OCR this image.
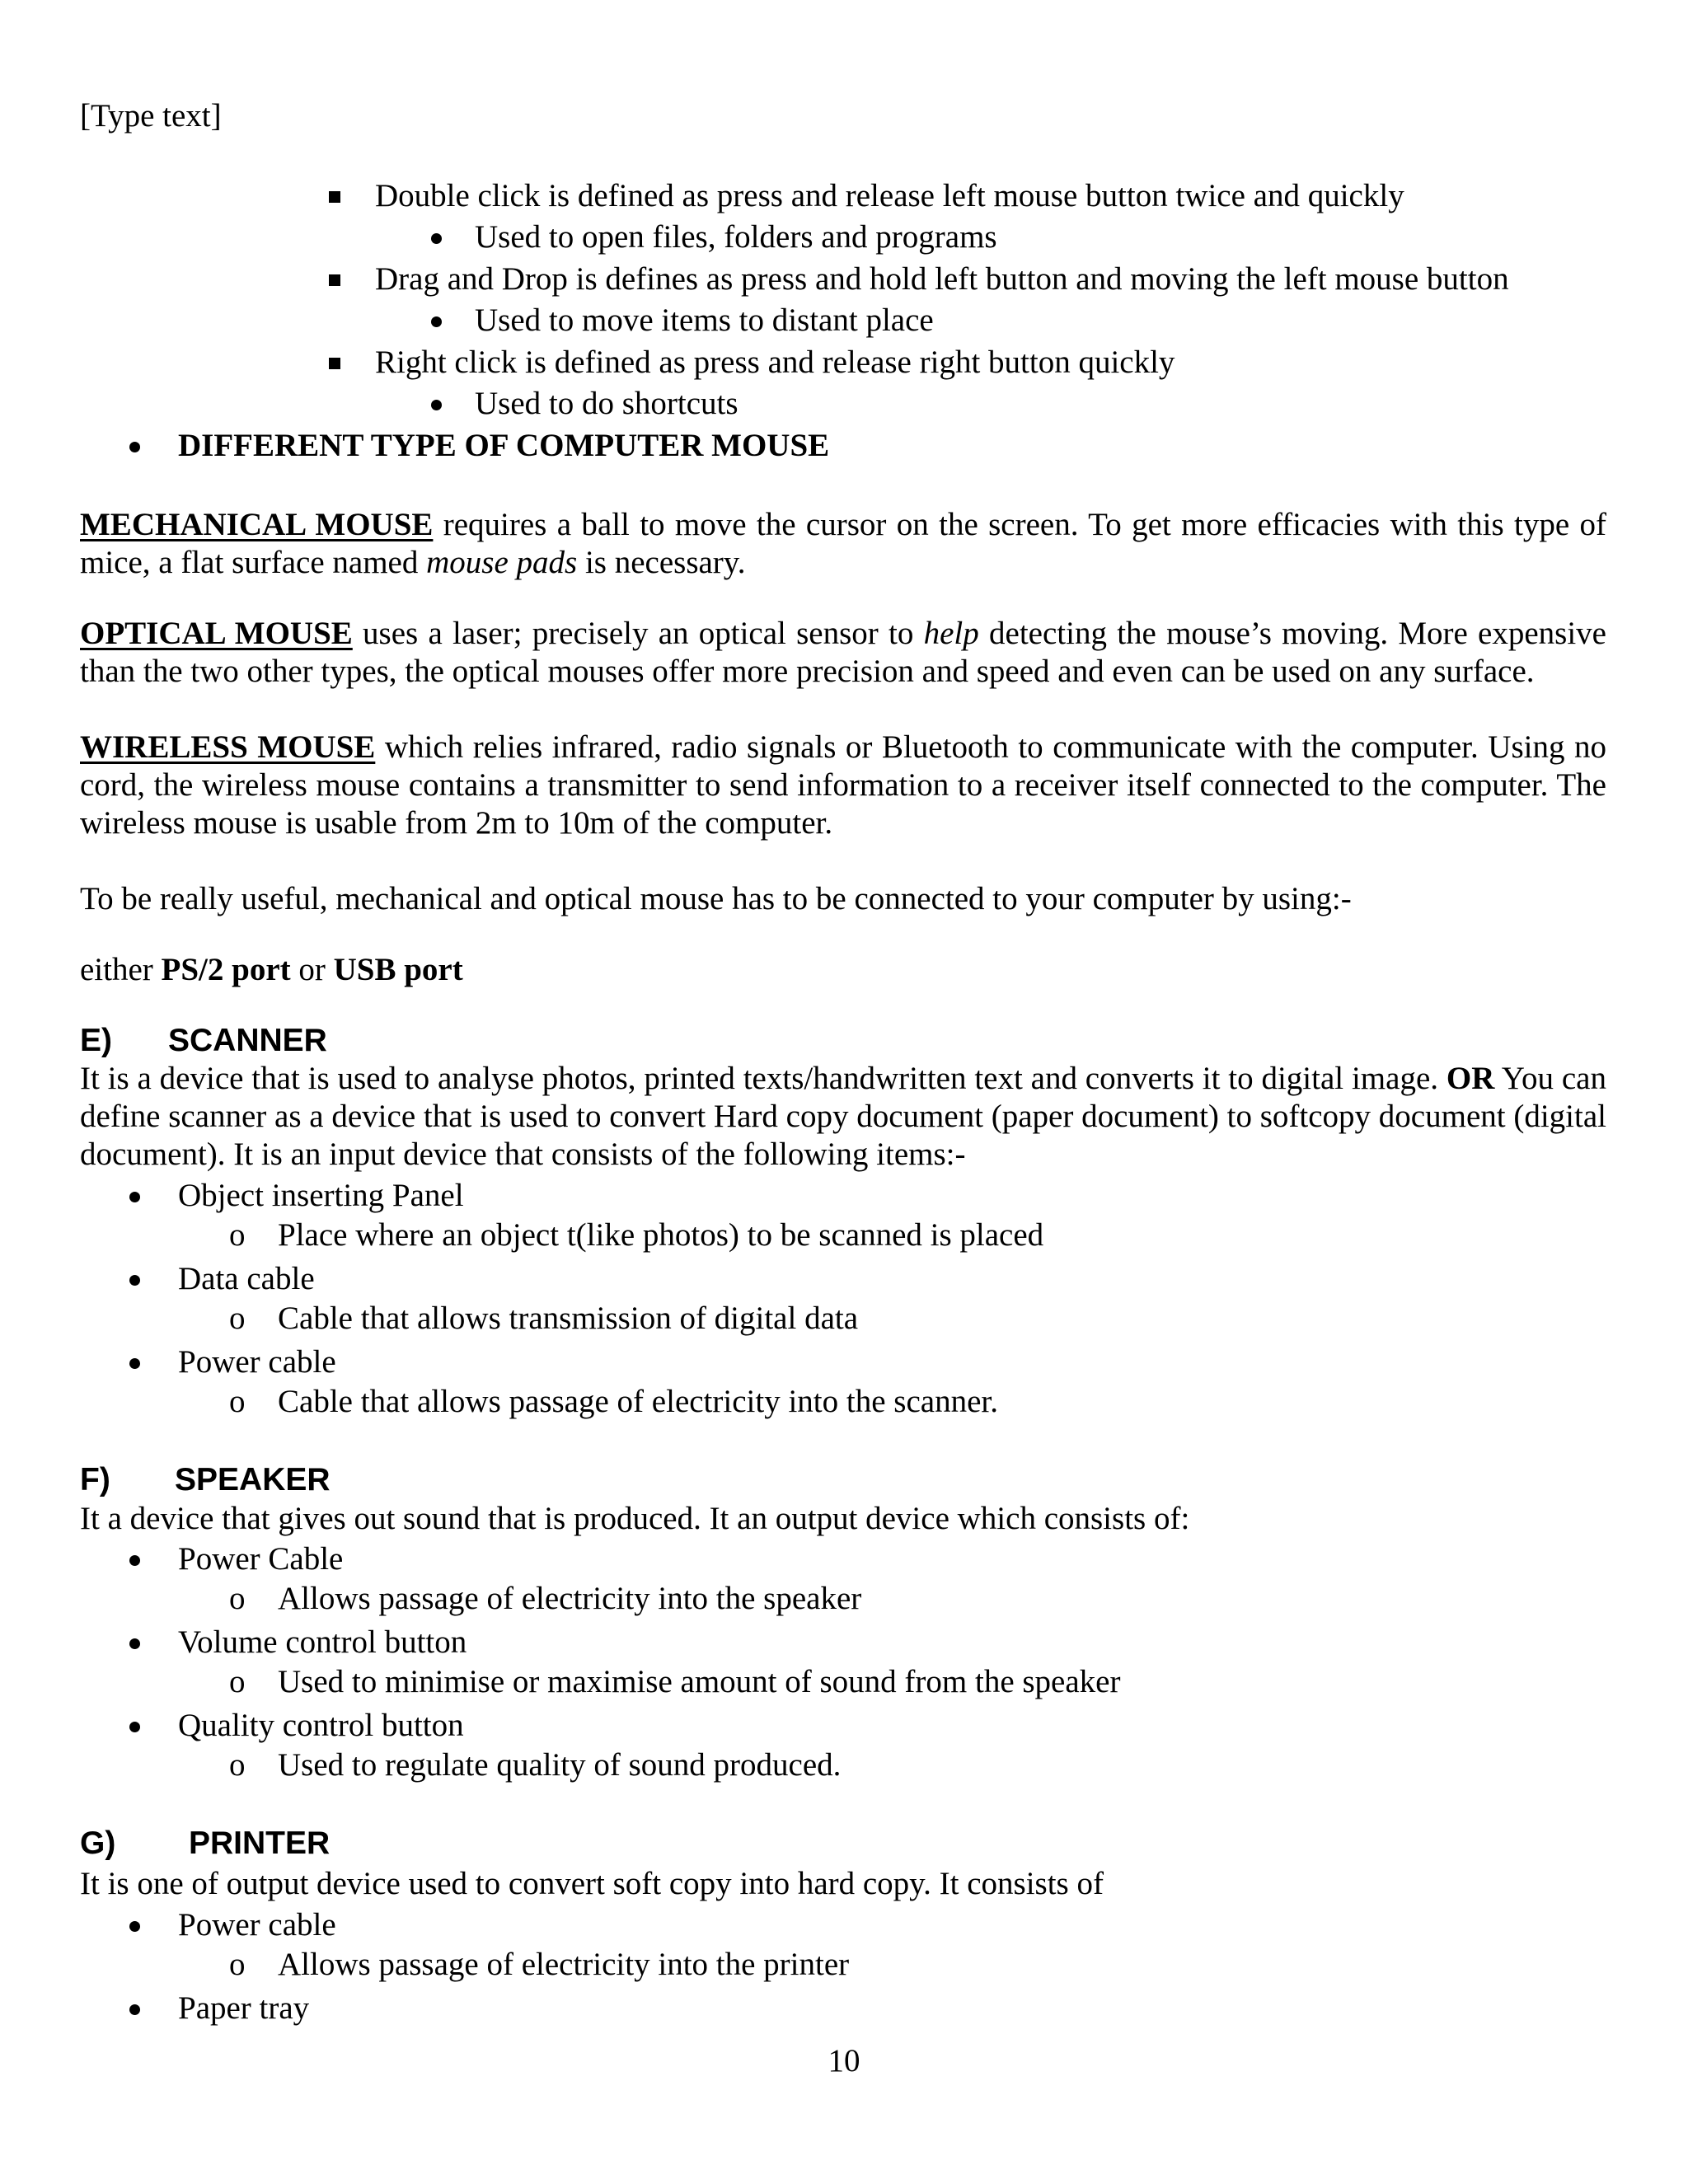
[Type text]
Double click is defined as press and release left mouse button twice and quickly
Used to open files, folders and programs
Drag and Drop is defines as press and hold left button and moving the left mouse button
Used to move items to distant place
Right click is defined as press and release right button quickly
Used to do shortcuts
DIFFERENT TYPE OF COMPUTER MOUSE

MECHANICAL MOUSE requires a ball to move the cursor on the screen. To get more efficacies with this type of mice, a flat surface named mouse pads is necessary.

OPTICAL MOUSE uses a laser; precisely an optical sensor to help detecting the mouse’s moving. More expensive than the two other types, the optical mouses offer more precision and speed and even can be used on any surface.

WIRELESS MOUSE which relies infrared, radio signals or Bluetooth to communicate with the computer. Using no cord, the wireless mouse contains a transmitter to send information to a receiver itself connected to the computer. The wireless mouse is usable from 2m to 10m of the computer.

To be really useful, mechanical and optical mouse has to be connected to your computer by using:-
either PS/2 port or USB port
E) SCANNER

It is a device that is used to analyse photos, printed texts/handwritten text and converts it to digital image. OR You can define scanner as a device that is used to convert Hard copy document (paper document) to softcopy document (digital document). It is an input device that consists of the following items:-

Object inserting Panel
o Place where an object t(like photos) to be scanned is placed
Data cable
o Cable that allows transmission of digital data
Power cable
o Cable that allows passage of electricity into the scanner.
F) SPEAKER
It a device that gives out sound that is produced. It an output device which consists of:
Power Cable
o Allows passage of electricity into the speaker
Volume control button
o Used to minimise or maximise amount of sound from the speaker
Quality control button
o Used to regulate quality of sound produced.
G) PRINTER
It is one of output device used to convert soft copy into hard copy. It consists of
Power cable
o Allows passage of electricity into the printer
Paper tray
10
